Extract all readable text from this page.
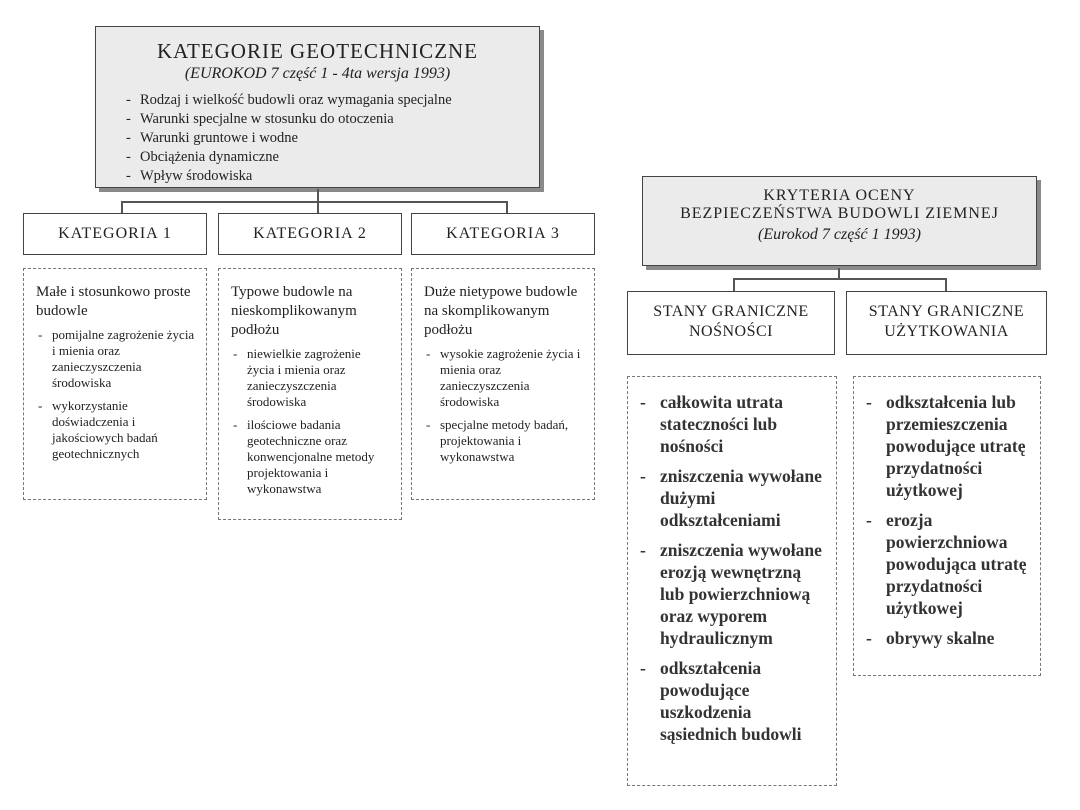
KATEGORIE GEOTECHNICZNE
(EUROKOD 7 część 1 - 4ta wersja 1993)
- Rodzaj i wielkość budowli oraz wymagania specjalne
- Warunki specjalne w stosunku do otoczenia
- Warunki gruntowe i wodne
- Obciążenia dynamiczne
- Wpływ środowiska
KATEGORIA 1	KATEGORIA 2	KATEGORIA 3
Małe i stosunkowo proste budowle
- pomijalne zagrożenie życia i mienia oraz zanieczyszczenia środowiska
- wykorzystanie doświadczenia i jakościowych badań geotechnicznych
Typowe budowle na nieskomplikowanym podłożu
- niewielkie zagrożenie życia i mienia oraz zanieczyszczenia środowiska
- ilościowe badania geotechniczne oraz konwencjonalne metody projektowania i wykonawstwa
Duże nietypowe budowle na skomplikowanym podłożu
- wysokie zagrożenie życia i mienia oraz zanieczyszczenia środowiska
- specjalne metody badań, projektowania i wykonawstwa
KRYTERIA OCENY
BEZPIECZEŃSTWA BUDOWLI ZIEMNEJ
(Eurokod 7 część 1 1993)
STANY GRANICZNE
NOŚNOŚCI
STANY GRANICZNE
UŻYTKOWANIA
- całkowita utrata stateczności lub nośności
- zniszczenia wywołane dużymi odkształceniami
- zniszczenia wywołane erozją wewnętrzną lub powierzchniową oraz wyporem hydraulicznym
- odkształcenia powodujące uszkodzenia sąsiednich budowli
- odkształcenia lub przemieszczenia powodujące utratę przydatności użytkowej
- erozja powierzchniowa powodująca utratę przydatności użytkowej
- obrywy skalne
